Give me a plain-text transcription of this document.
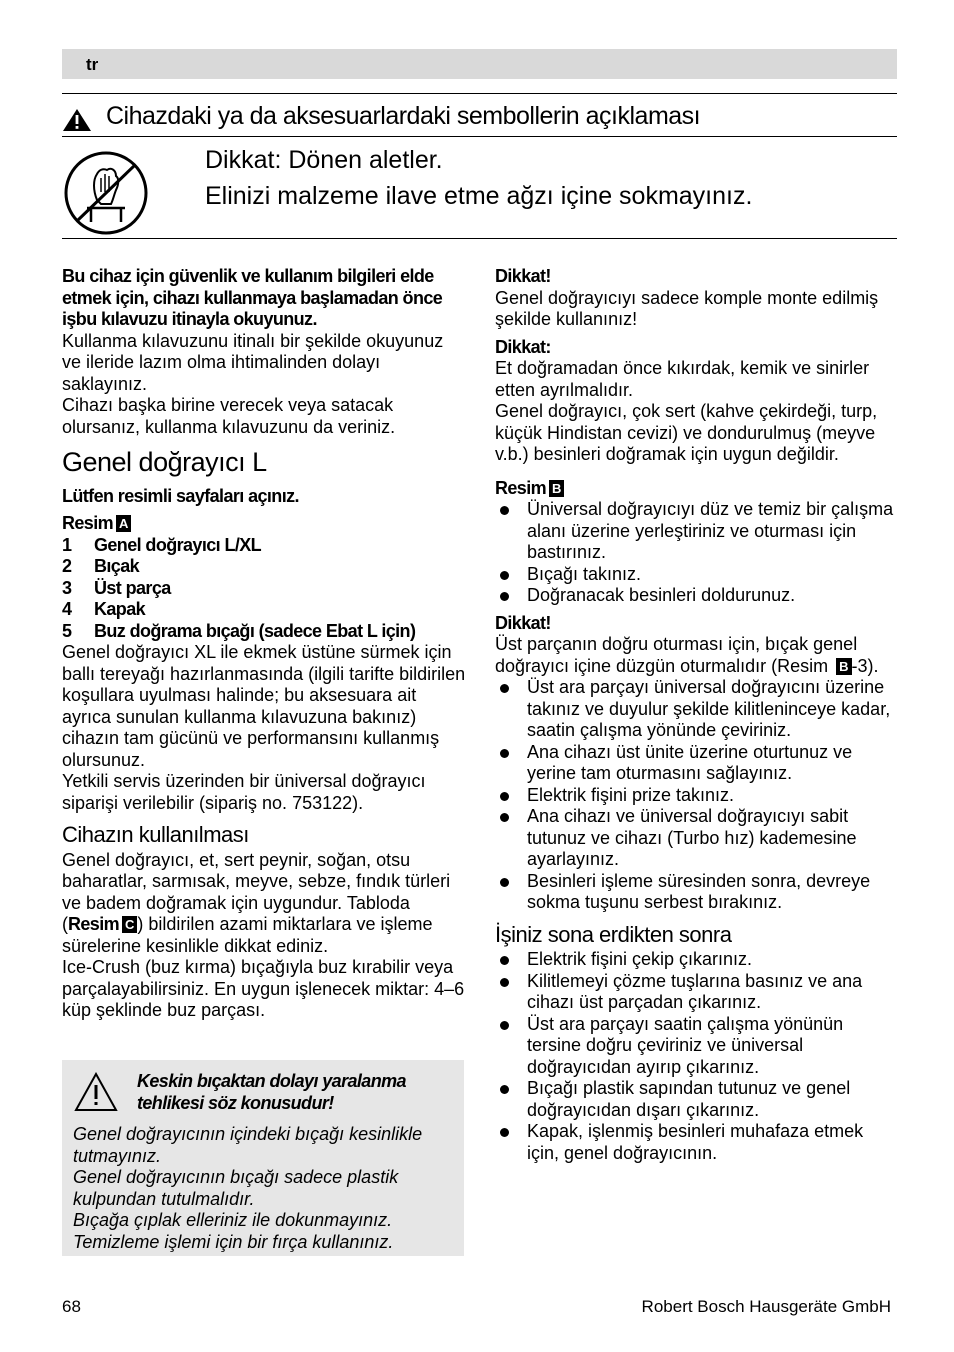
tr
Cihazdaki ya da aksesuarlardaki sembollerin açıklaması
Dikkat: Dönen aletler.
Elinizi malzeme ilave etme ağzı içine sokmayınız.

Bu cihaz için güvenlik ve kullanım bilgileri elde etmek için, cihazı kullanmaya başlamadan önce işbu kılavuzu itinayla okuyunuz.

Kullanma kılavuzunu itinalı bir şekilde okuyunuz ve ileride lazım olma ihtimalinden dolayı saklayınız.

Cihazı başka birine verecek veya satacak olursanız, kullanma kılavuzunu da veriniz.

Genel doğrayıcı L

Lütfen resimli sayfaları açınız.

Resim A

1	Genel doğrayıcı L/XL
2	Bıçak
3	Üst parça
4	Kapak
5	Buz doğrama bıçağı (sadece Ebat L için)

Genel doğrayıcı XL ile ekmek üstüne sürmek için ballı tereyağı hazırlanmasında (ilgili tarifte bildirilen koşullara uyulması halinde; bu aksesuara ait ayrıca sunulan kullanma kılavuzuna bakınız) cihazın tam gücünü ve performansını kullanmış olursunuz.

Yetkili servis üzerinden bir üniversal doğrayıcı siparişi verilebilir (sipariş no. 753122).

Cihazın kullanılması

Genel doğrayıcı, et, sert peynir, soğan, otsu baharatlar, sarmısak, meyve, sebze, fındık türleri ve badem doğramak için uygundur. Tabloda (Resim C ) bildirilen azami miktarlara ve işleme sürelerine kesinlikle dikkat ediniz.

Ice-Crush (buz kırma) bıçağıyla buz kırabilir veya parçalayabilirsiniz. En uygun işlenecek miktar: 4–6 küp şeklinde buz parçası.

Keskin bıçaktan dolayı yaralanma tehlikesi söz konusudur!

Genel doğrayıcının içindeki bıçağı kesinlikle tutmayınız.

Genel doğrayıcının bıçağı sadece plastik kulpundan tutulmalıdır.

Bıçağa çıplak elleriniz ile dokunmayınız.

Temizleme işlemi için bir fırça kullanınız.

Dikkat!

Genel doğrayıcıyı sadece komple monte edilmiş şekilde kullanınız!

Dikkat:

Et doğramadan önce kıkırdak, kemik ve sinirler etten ayrılmalıdır.

Genel doğrayıcı, çok sert (kahve çekirdeği, turp, küçük Hindistan cevizi) ve dondurulmuş (meyve v.b.) besinleri doğramak için uygun değildir.

Resim B

Üniversal doğrayıcıyı düz ve temiz bir çalışma alanı üzerine yerleştiriniz ve oturması için bastırınız.
Bıçağı takınız.
Doğranacak besinleri doldurunuz.

Dikkat!

Üst parçanın doğru oturması için, bıçak genel doğrayıcı içine düzgün oturmalıdır (Resim B -3).

Üst ara parçayı üniversal doğrayıcını üzerine takınız ve duyulur şekilde kilitleninceye kadar, saatin çalışma yönünde çeviriniz.
Ana cihazı üst ünite üzerine oturtunuz ve yerine tam oturmasını sağlayınız.
Elektrik fişini prize takınız.
Ana cihazı ve üniversal doğrayıcıyı sabit tutunuz ve cihazı (Turbo hız) kademesine ayarlayınız.
Besinleri işleme süresinden sonra, devreye sokma tuşunu serbest bırakınız.

İşiniz sona erdikten sonra

Elektrik fişini çekip çıkarınız.
Kilitlemeyi çözme tuşlarına basınız ve ana cihazı üst parçadan çıkarınız.
Üst ara parçayı saatin çalışma yönünün tersine doğru çeviriniz ve üniversal doğrayıcıdan ayırıp çıkarınız.
Bıçağı plastik sapından tutunuz ve genel doğrayıcıdan dışarı çıkarınız.
Kapak, işlenmiş besinleri muhafaza etmek için, genel doğrayıcının.
68	Robert Bosch Hausgeräte GmbH
